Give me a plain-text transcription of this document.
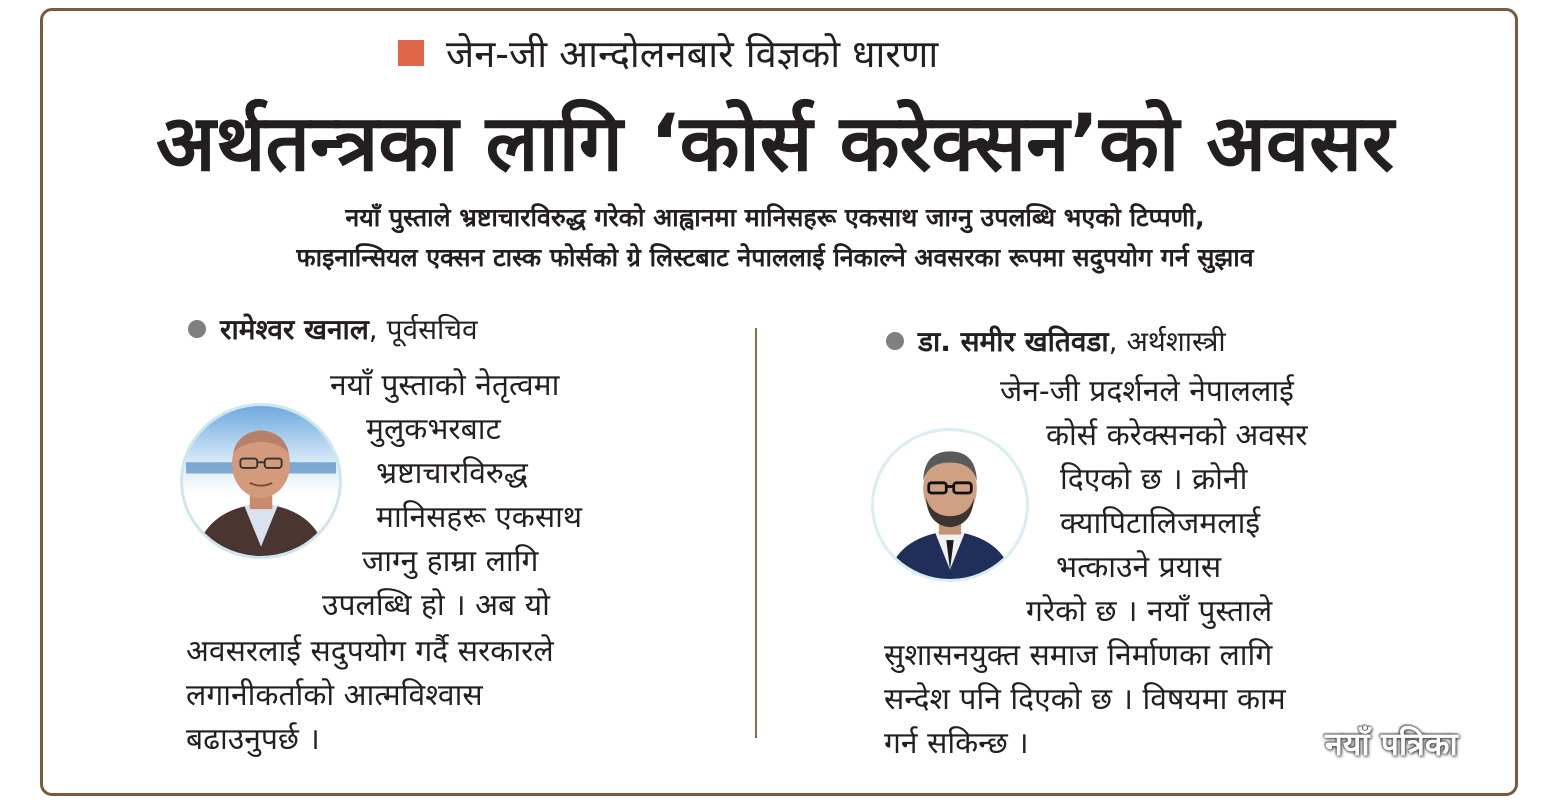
जेन-जी आन्दोलनबारे विज्ञको धारणा
अर्थतन्त्रका लागि ‘कोर्स करेक्सन’को अवसर
नयाँ पुस्ताले भ्रष्टाचारविरुद्ध गरेको आह्वानमा मानिसहरू एकसाथ जाग्नु उपलब्धि भएको टिप्पणी,
फाइनान्सियल एक्सन टास्क फोर्सको ग्रे लिस्टबाट नेपाललाई निकाल्ने अवसरका रूपमा सदुपयोग गर्न सुझाव
रामेश्वर खनाल , पूर्वसचिव
नयाँ पुस्ताको नेतृत्वमा
मुलुकभरबाट
भ्रष्टाचारविरुद्ध
मानिसहरू एकसाथ
जाग्नु हाम्रा लागि
उपलब्धि हो । अब यो
अवसरलाई सदुपयोग गर्दै सरकारले
लगानीकर्ताको आत्मविश्वास
बढाउनुपर्छ ।
डा. समीर खतिवडा , अर्थशास्त्री
जेन-जी प्रदर्शनले नेपाललाई
कोर्स करेक्सनको अवसर
दिएको छ । क्रोनी
क्यापिटालिजमलाई
भत्काउने प्रयास
गरेको छ । नयाँ पुस्ताले
सुशासनयुक्त समाज निर्माणका लागि
सन्देश पनि दिएको छ । विषयमा काम
गर्न सकिन्छ ।	नयाँ पत्रिका
